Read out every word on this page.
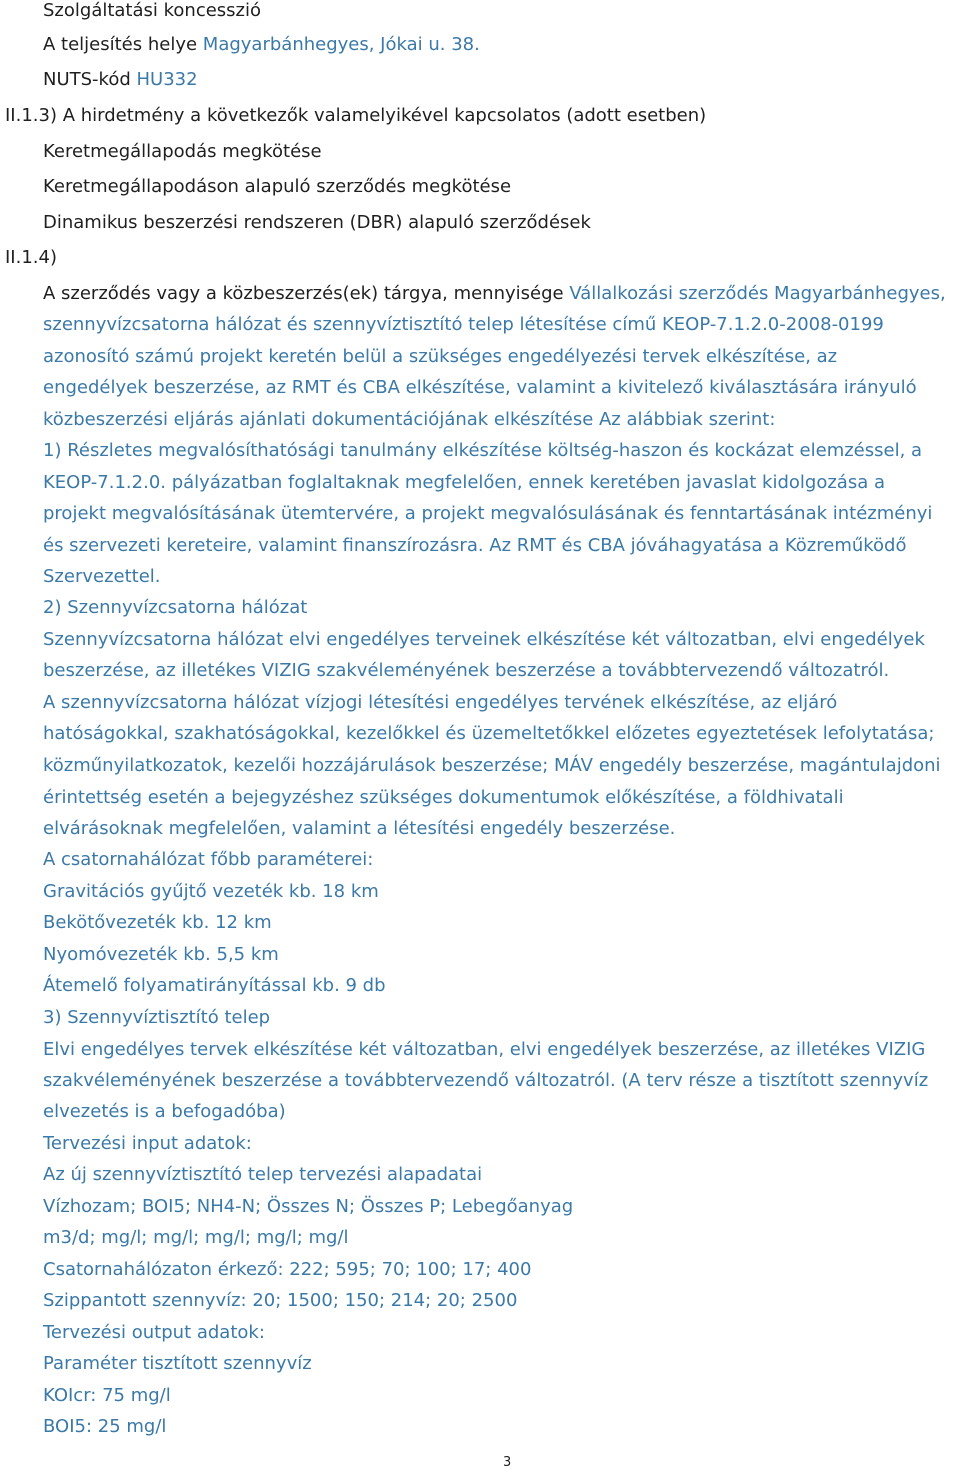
Szolgáltatási koncesszió
A teljesítés helye Magyarbánhegyes, Jókai u. 38.
NUTS-kód HU332
II.1.3) A hirdetmény a következők valamelyikével kapcsolatos (adott esetben)
Keretmegállapodás megkötése
Keretmegállapodáson alapuló szerződés megkötése
Dinamikus beszerzési rendszeren (DBR) alapuló szerződések
II.1.4)
A szerződés vagy a közbeszerzés(ek) tárgya, mennyisége Vállalkozási szerződés Magyarbánhegyes,
szennyvízcsatorna hálózat és szennyvíztisztító telep létesítése című KEOP-7.1.2.0-2008-0199
azonosító számú projekt keretén belül a szükséges engedélyezési tervek elkészítése, az
engedélyek beszerzése, az RMT és CBA elkészítése, valamint a kivitelező kiválasztására irányuló
közbeszerzési eljárás ajánlati dokumentációjának elkészítése Az alábbiak szerint:
1) Részletes megvalósíthatósági tanulmány elkészítése költség-haszon és kockázat elemzéssel, a
KEOP-7.1.2.0. pályázatban foglaltaknak megfelelően, ennek keretében javaslat kidolgozása a
projekt megvalósításának ütemtervére, a projekt megvalósulásának és fenntartásának intézményi
és szervezeti kereteire, valamint finanszírozásra. Az RMT és CBA jóváhagyatása a Közreműködő
Szervezettel.
2) Szennyvízcsatorna hálózat
Szennyvízcsatorna hálózat elvi engedélyes terveinek elkészítése két változatban, elvi engedélyek
beszerzése, az illetékes VIZIG szakvéleményének beszerzése a továbbtervezendő változatról.
A szennyvízcsatorna hálózat vízjogi létesítési engedélyes tervének elkészítése, az eljáró
hatóságokkal, szakhatóságokkal, kezelőkkel és üzemeltetőkkel előzetes egyeztetések lefolytatása;
közműnyilatkozatok, kezelői hozzájárulások beszerzése; MÁV engedély beszerzése, magántulajdoni
érintettség esetén a bejegyzéshez szükséges dokumentumok előkészítése, a földhivatali
elvárásoknak megfelelően, valamint a létesítési engedély beszerzése.
A csatornahálózat főbb paraméterei:
Gravitációs gyűjtő vezeték kb. 18 km
Bekötővezeték kb. 12 km
Nyomóvezeték kb. 5,5 km
Átemelő folyamatirányítással kb. 9 db
3) Szennyvíztisztító telep
Elvi engedélyes tervek elkészítése két változatban, elvi engedélyek beszerzése, az illetékes VIZIG
szakvéleményének beszerzése a továbbtervezendő változatról. (A terv része a tisztított szennyvíz
elvezetés is a befogadóba)
Tervezési input adatok:
Az új szennyvíztisztító telep tervezési alapadatai
Vízhozam; BOI5; NH4-N; Összes N; Összes P; Lebegőanyag
m3/d; mg/l; mg/l; mg/l; mg/l; mg/l
Csatornahálózaton érkező: 222; 595; 70; 100; 17; 400
Szippantott szennyvíz: 20; 1500; 150; 214; 20; 2500
Tervezési output adatok:
Paraméter tisztított szennyvíz
KOIcr: 75 mg/l
BOI5: 25 mg/l
3
